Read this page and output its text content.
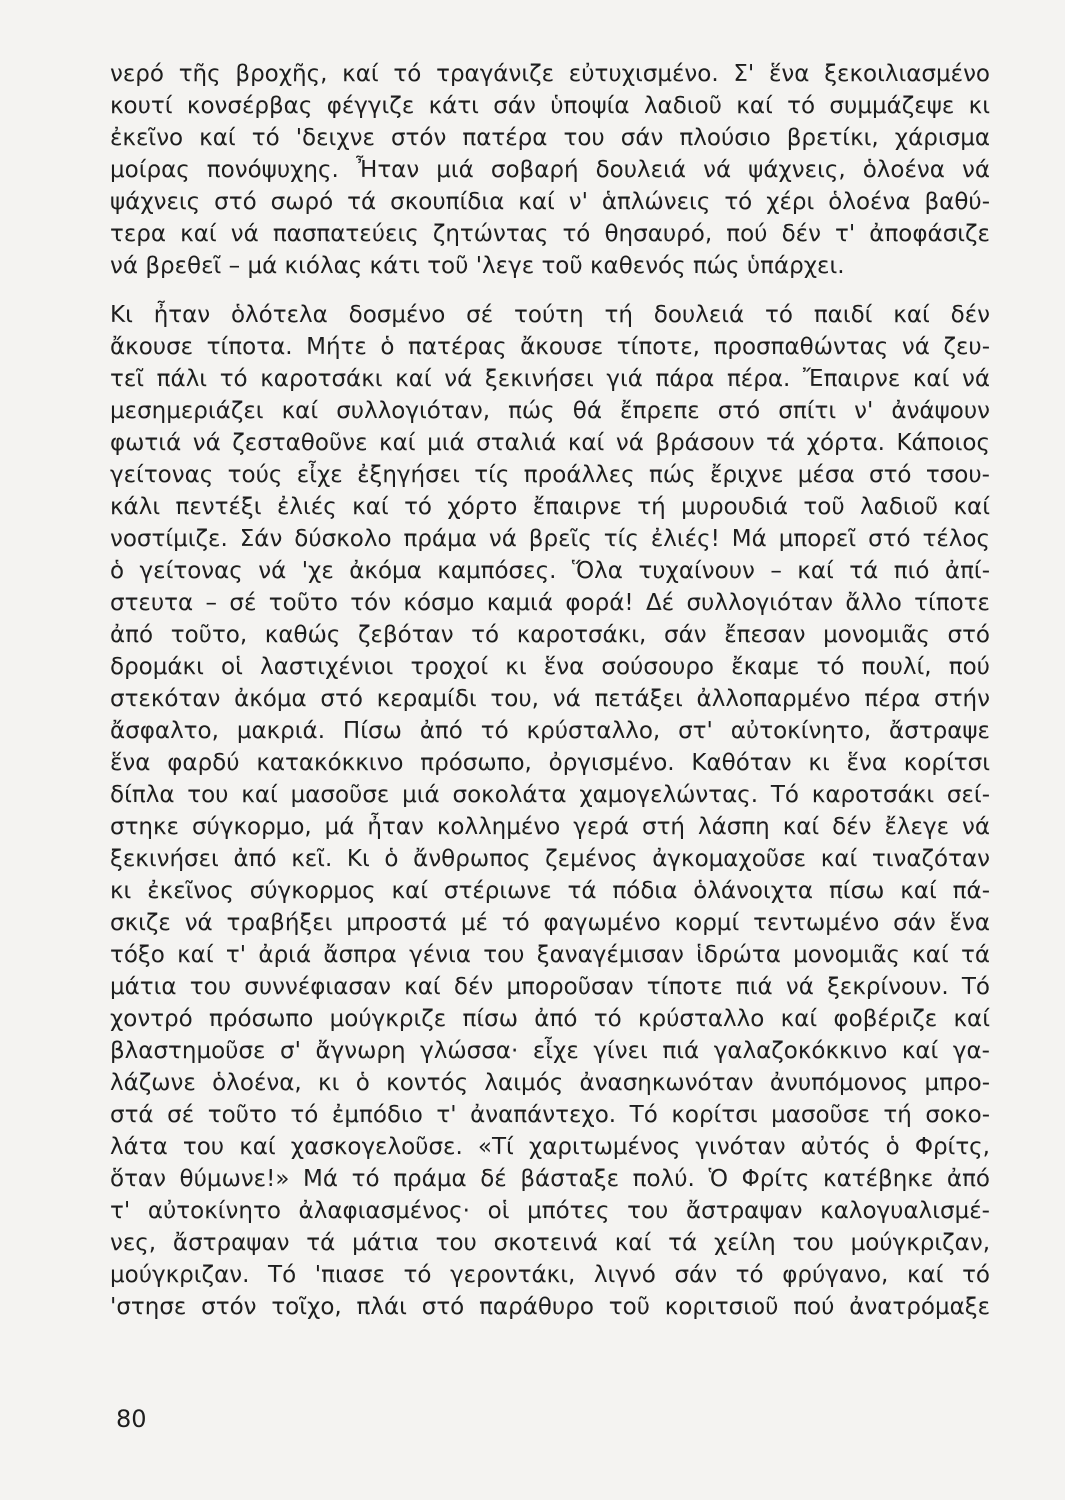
νερό τῆς βροχῆς, καί τό τραγάνιζε εὐτυχισμένο. Σ' ἕνα ξεκοιλιασμένο
κουτί κονσέρβας φέγγιζε κάτι σάν ὑποψία λαδιοῦ καί τό συμμάζεψε κι
ἐκεῖνο καί τό 'δειχνε στόν πατέρα του σάν πλούσιο βρετίκι, χάρισμα
μοίρας πονόψυχης. Ἦταν μιά σοβαρή δουλειά νά ψάχνεις, ὁλοένα νά
ψάχνεις στό σωρό τά σκουπίδια καί ν' ἁπλώνεις τό χέρι ὁλοένα βαθύ-
τερα καί νά πασπατεύεις ζητώντας τό θησαυρό, πού δέν τ' ἀποφάσιζε
νά βρεθεῖ – μά κιόλας κάτι τοῦ 'λεγε τοῦ καθενός πώς ὑπάρχει.
Κι ἦταν ὁλότελα δοσμένο σέ τούτη τή δουλειά τό παιδί καί δέν
ἄκουσε τίποτα. Μήτε ὁ πατέρας ἄκουσε τίποτε, προσπαθώντας νά ζευ-
τεῖ πάλι τό καροτσάκι καί νά ξεκινήσει γιά πάρα πέρα. Ἔπαιρνε καί νά
μεσημεριάζει καί συλλογιόταν, πώς θά ἔπρεπε στό σπίτι ν' ἀνάψουν
φωτιά νά ζεσταθοῦνε καί μιά σταλιά καί νά βράσουν τά χόρτα. Κάποιος
γείτονας τούς εἶχε ἐξηγήσει τίς προάλλες πώς ἔριχνε μέσα στό τσου-
κάλι πεντέξι ἐλιές καί τό χόρτο ἔπαιρνε τή μυρουδιά τοῦ λαδιοῦ καί
νοστίμιζε. Σάν δύσκολο πράμα νά βρεῖς τίς ἐλιές! Μά μπορεῖ στό τέλος
ὁ γείτονας νά 'χε ἀκόμα καμπόσες. Ὅλα τυχαίνουν – καί τά πιό ἀπί-
στευτα – σέ τοῦτο τόν κόσμο καμιά φορά! Δέ συλλογιόταν ἄλλο τίποτε
ἀπό τοῦτο, καθώς ζεβόταν τό καροτσάκι, σάν ἔπεσαν μονομιᾶς στό
δρομάκι οἱ λαστιχένιοι τροχοί κι ἕνα σούσουρο ἔκαμε τό πουλί, πού
στεκόταν ἀκόμα στό κεραμίδι του, νά πετάξει ἀλλοπαρμένο πέρα στήν
ἄσφαλτο, μακριά. Πίσω ἀπό τό κρύσταλλο, στ' αὐτοκίνητο, ἄστραψε
ἕνα φαρδύ κατακόκκινο πρόσωπο, ὀργισμένο. Καθόταν κι ἕνα κορίτσι
δίπλα του καί μασοῦσε μιά σοκολάτα χαμογελώντας. Τό καροτσάκι σεί-
στηκε σύγκορμο, μά ἦταν κολλημένο γερά στή λάσπη καί δέν ἔλεγε νά
ξεκινήσει ἀπό κεῖ. Κι ὁ ἄνθρωπος ζεμένος ἀγκομαχοῦσε καί τιναζόταν
κι ἐκεῖνος σύγκορμος καί στέριωνε τά πόδια ὁλάνοιχτα πίσω καί πά-
σκιζε νά τραβήξει μπροστά μέ τό φαγωμένο κορμί τεντωμένο σάν ἕνα
τόξο καί τ' ἀριά ἄσπρα γένια του ξαναγέμισαν ἱδρώτα μονομιᾶς καί τά
μάτια του συννέφιασαν καί δέν μποροῦσαν τίποτε πιά νά ξεκρίνουν. Τό
χοντρό πρόσωπο μούγκριζε πίσω ἀπό τό κρύσταλλο καί φοβέριζε καί
βλαστημοῦσε σ' ἄγνωρη γλώσσα· εἶχε γίνει πιά γαλαζοκόκκινο καί γα-
λάζωνε ὁλοένα, κι ὁ κοντός λαιμός ἀνασηκωνόταν ἀνυπόμονος μπρο-
στά σέ τοῦτο τό ἐμπόδιο τ' ἀναπάντεχο. Τό κορίτσι μασοῦσε τή σοκο-
λάτα του καί χασκογελοῦσε. «Τί χαριτωμένος γινόταν αὐτός ὁ Φρίτς,
ὅταν θύμωνε!» Μά τό πράμα δέ βάσταξε πολύ. Ὁ Φρίτς κατέβηκε ἀπό
τ' αὐτοκίνητο ἀλαφιασμένος· οἱ μπότες του ἄστραψαν καλογυαλισμέ-
νες, ἄστραψαν τά μάτια του σκοτεινά καί τά χείλη του μούγκριζαν,
μούγκριζαν. Τό 'πιασε τό γεροντάκι, λιγνό σάν τό φρύγανο, καί τό
'στησε στόν τοῖχο, πλάι στό παράθυρο τοῦ κοριτσιοῦ πού ἀνατρόμαξε
80
